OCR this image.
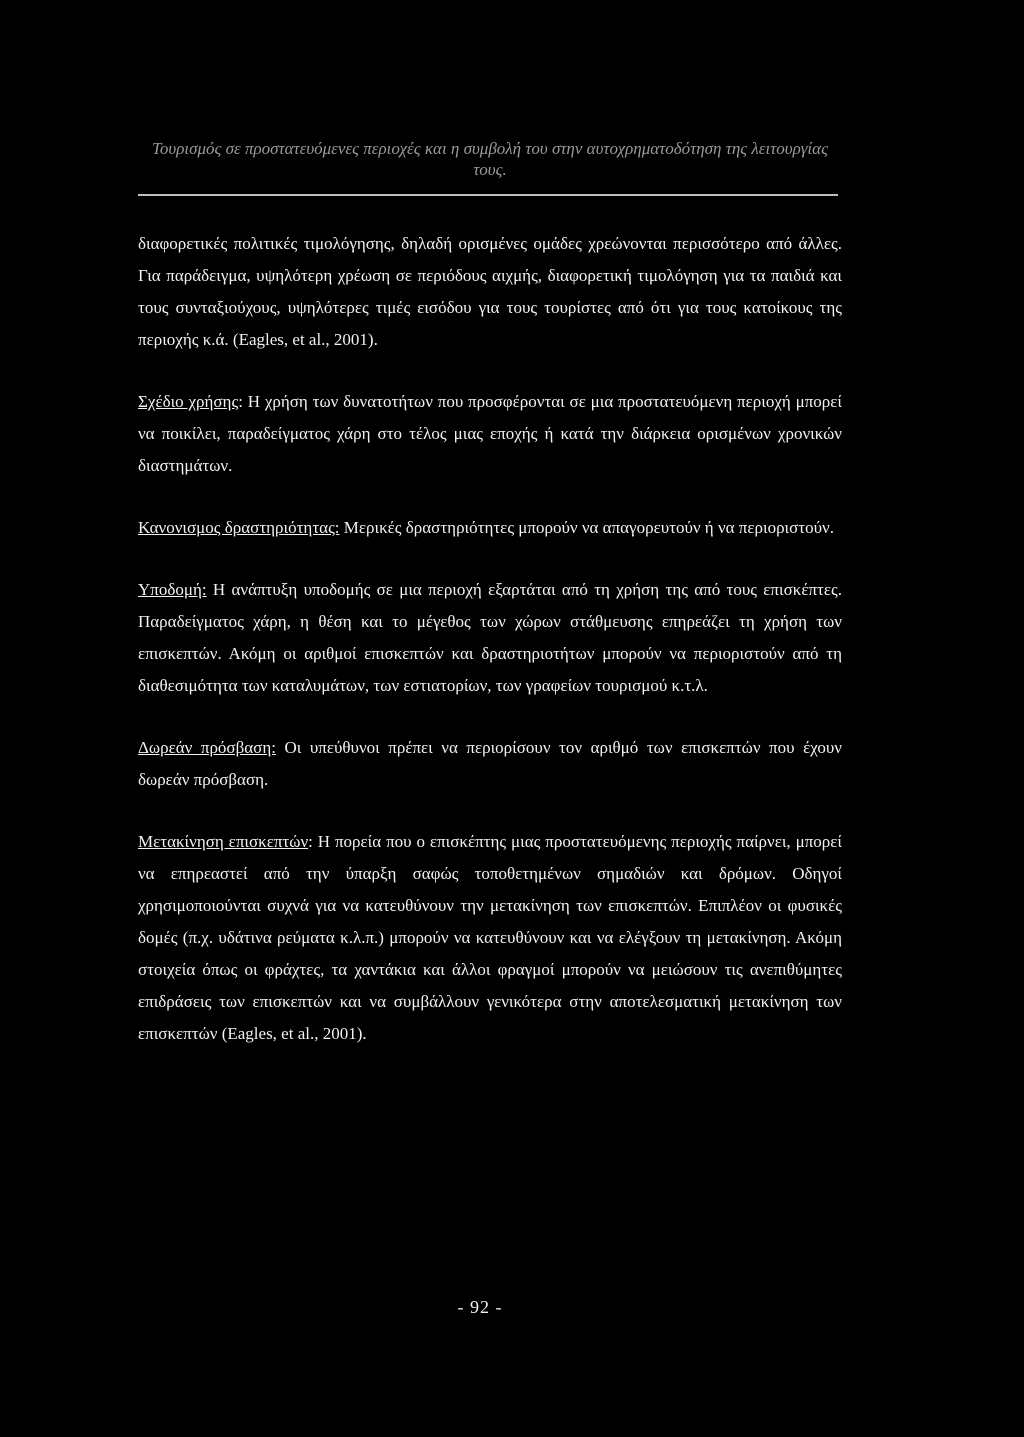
Τουρισμός σε προστατευόμενες περιοχές και η συμβολή του στην αυτοχρηματοδότηση της λειτουργίας τους.

διαφορετικές πολιτικές τιμολόγησης, δηλαδή ορισμένες ομάδες χρεώνονται περισσότερο από άλλες. Για παράδειγμα, υψηλότερη χρέωση σε περιόδους αιχμής, διαφορετική τιμολόγηση για τα παιδιά και τους συνταξιούχους, υψηλότερες τιμές εισόδου για τους τουρίστες από ότι για τους κατοίκους της περιοχής κ.ά. (Eagles, et al., 2001).

Σχέδιο χρήσης: Η χρήση των δυνατοτήτων που προσφέρονται σε μια προστατευόμενη περιοχή μπορεί να ποικίλει, παραδείγματος χάρη στο τέλος μιας εποχής ή κατά την διάρκεια ορισμένων χρονικών διαστημάτων.

Κανονισμος δραστηριότητας: Μερικές δραστηριότητες μπορούν να απαγορευτούν ή να περιοριστούν.

Υποδομή: Η ανάπτυξη υποδομής σε μια περιοχή εξαρτάται από τη χρήση της από τους επισκέπτες. Παραδείγματος χάρη, η θέση και το μέγεθος των χώρων στάθμευσης επηρεάζει τη χρήση των επισκεπτών. Ακόμη οι αριθμοί επισκεπτών και δραστηριοτήτων μπορούν να περιοριστούν από τη διαθεσιμότητα των καταλυμάτων, των εστιατορίων, των γραφείων τουρισμού κ.τ.λ.

Δωρεάν πρόσβαση: Οι υπεύθυνοι πρέπει να περιορίσουν τον αριθμό των επισκεπτών που έχουν δωρεάν πρόσβαση.

Μετακίνηση επισκεπτών: Η πορεία που ο επισκέπτης μιας προστατευόμενης περιοχής παίρνει, μπορεί να επηρεαστεί από την ύπαρξη σαφώς τοποθετημένων σημαδιών και δρόμων. Οδηγοί χρησιμοποιούνται συχνά για να κατευθύνουν την μετακίνηση των επισκεπτών. Επιπλέον οι φυσικές δομές (π.χ. υδάτινα ρεύματα κ.λ.π.) μπορούν να κατευθύνουν και να ελέγξουν τη μετακίνηση. Ακόμη στοιχεία όπως οι φράχτες, τα χαντάκια και άλλοι φραγμοί μπορούν να μειώσουν τις ανεπιθύμητες επιδράσεις των επισκεπτών και να συμβάλλουν γενικότερα στην αποτελεσματική μετακίνηση των επισκεπτών (Eagles, et al., 2001).

- 92 -
